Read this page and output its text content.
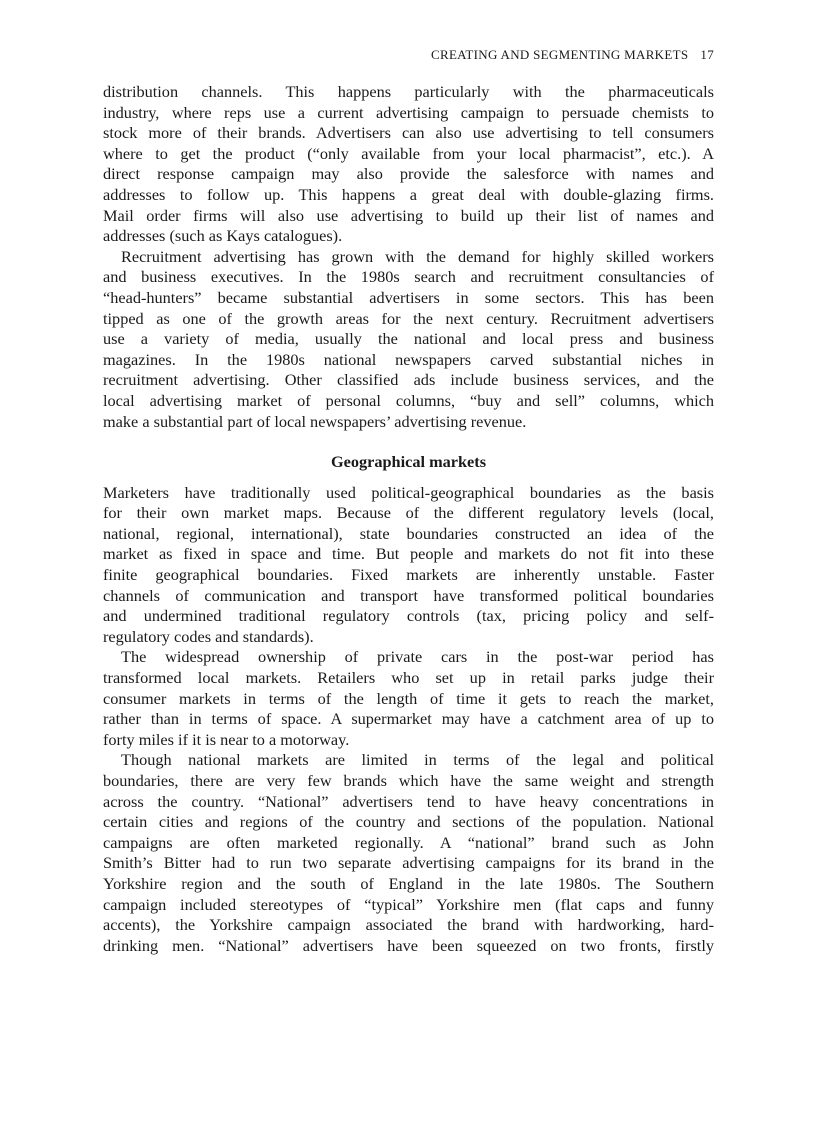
CREATING AND SEGMENTING MARKETS 17
distribution channels. This happens particularly with the pharmaceuticals
industry, where reps use a current advertising campaign to persuade chemists to
stock more of their brands. Advertisers can also use advertising to tell consumers
where to get the product (“only available from your local pharmacist”, etc.). A
direct response campaign may also provide the salesforce with names and
addresses to follow up. This happens a great deal with double-glazing firms.
Mail order firms will also use advertising to build up their list of names and
addresses (such as Kays catalogues).
Recruitment advertising has grown with the demand for highly skilled workers
and business executives. In the 1980s search and recruitment consultancies of
“head-hunters” became substantial advertisers in some sectors. This has been
tipped as one of the growth areas for the next century. Recruitment advertisers
use a variety of media, usually the national and local press and business
magazines. In the 1980s national newspapers carved substantial niches in
recruitment advertising. Other classified ads include business services, and the
local advertising market of personal columns, “buy and sell” columns, which
make a substantial part of local newspapers’ advertising revenue.
Geographical markets
Marketers have traditionally used political-geographical boundaries as the basis
for their own market maps. Because of the different regulatory levels (local,
national, regional, international), state boundaries constructed an idea of the
market as fixed in space and time. But people and markets do not fit into these
finite geographical boundaries. Fixed markets are inherently unstable. Faster
channels of communication and transport have transformed political boundaries
and undermined traditional regulatory controls (tax, pricing policy and self-
regulatory codes and standards).
The widespread ownership of private cars in the post-war period has
transformed local markets. Retailers who set up in retail parks judge their
consumer markets in terms of the length of time it gets to reach the market,
rather than in terms of space. A supermarket may have a catchment area of up to
forty miles if it is near to a motorway.
Though national markets are limited in terms of the legal and political
boundaries, there are very few brands which have the same weight and strength
across the country. “National” advertisers tend to have heavy concentrations in
certain cities and regions of the country and sections of the population. National
campaigns are often marketed regionally. A “national” brand such as John
Smith’s Bitter had to run two separate advertising campaigns for its brand in the
Yorkshire region and the south of England in the late 1980s. The Southern
campaign included stereotypes of “typical” Yorkshire men (flat caps and funny
accents), the Yorkshire campaign associated the brand with hardworking, hard-
drinking men. “National” advertisers have been squeezed on two fronts, firstly
